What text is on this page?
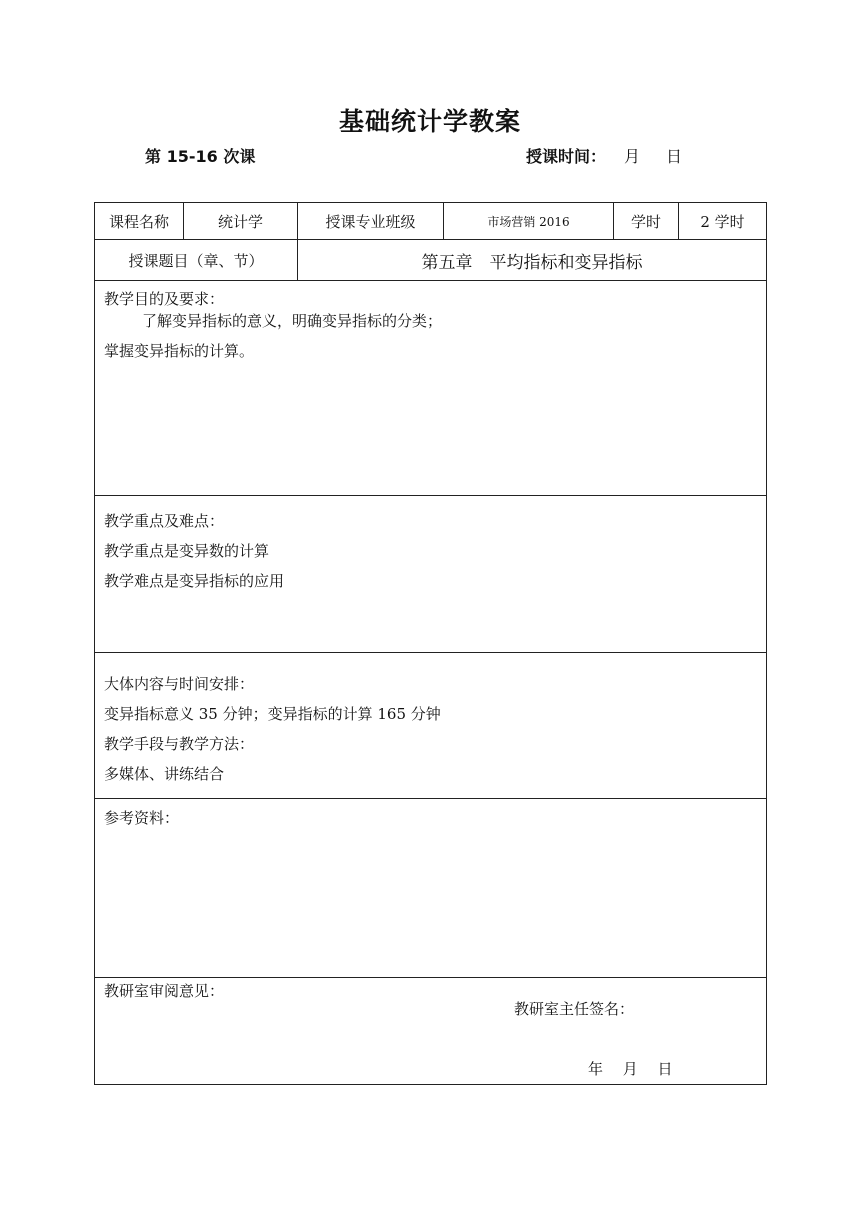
基础统计学教案
第 15-16 次课	授课时间： 月 日
课程名称	统计学	授课专业班级	市场营销 2016	学时	2 学时
授课题目（章、节）		第五章　平均指标和变异指标			

教学目的及要求：
了解变异指标的意义，明确变异指标的分类；
掌握变异指标的计算。					

教学重点及难点：
教学重点是变异数的计算
教学难点是变异指标的应用					

大体内容与时间安排：
变异指标意义 35 分钟；变异指标的计算 165 分钟
教学手段与教学方法：
多媒体、讲练结合					

参考资料：					

教研室审阅意见：
教研室主任签名：
年　 月　 日					
